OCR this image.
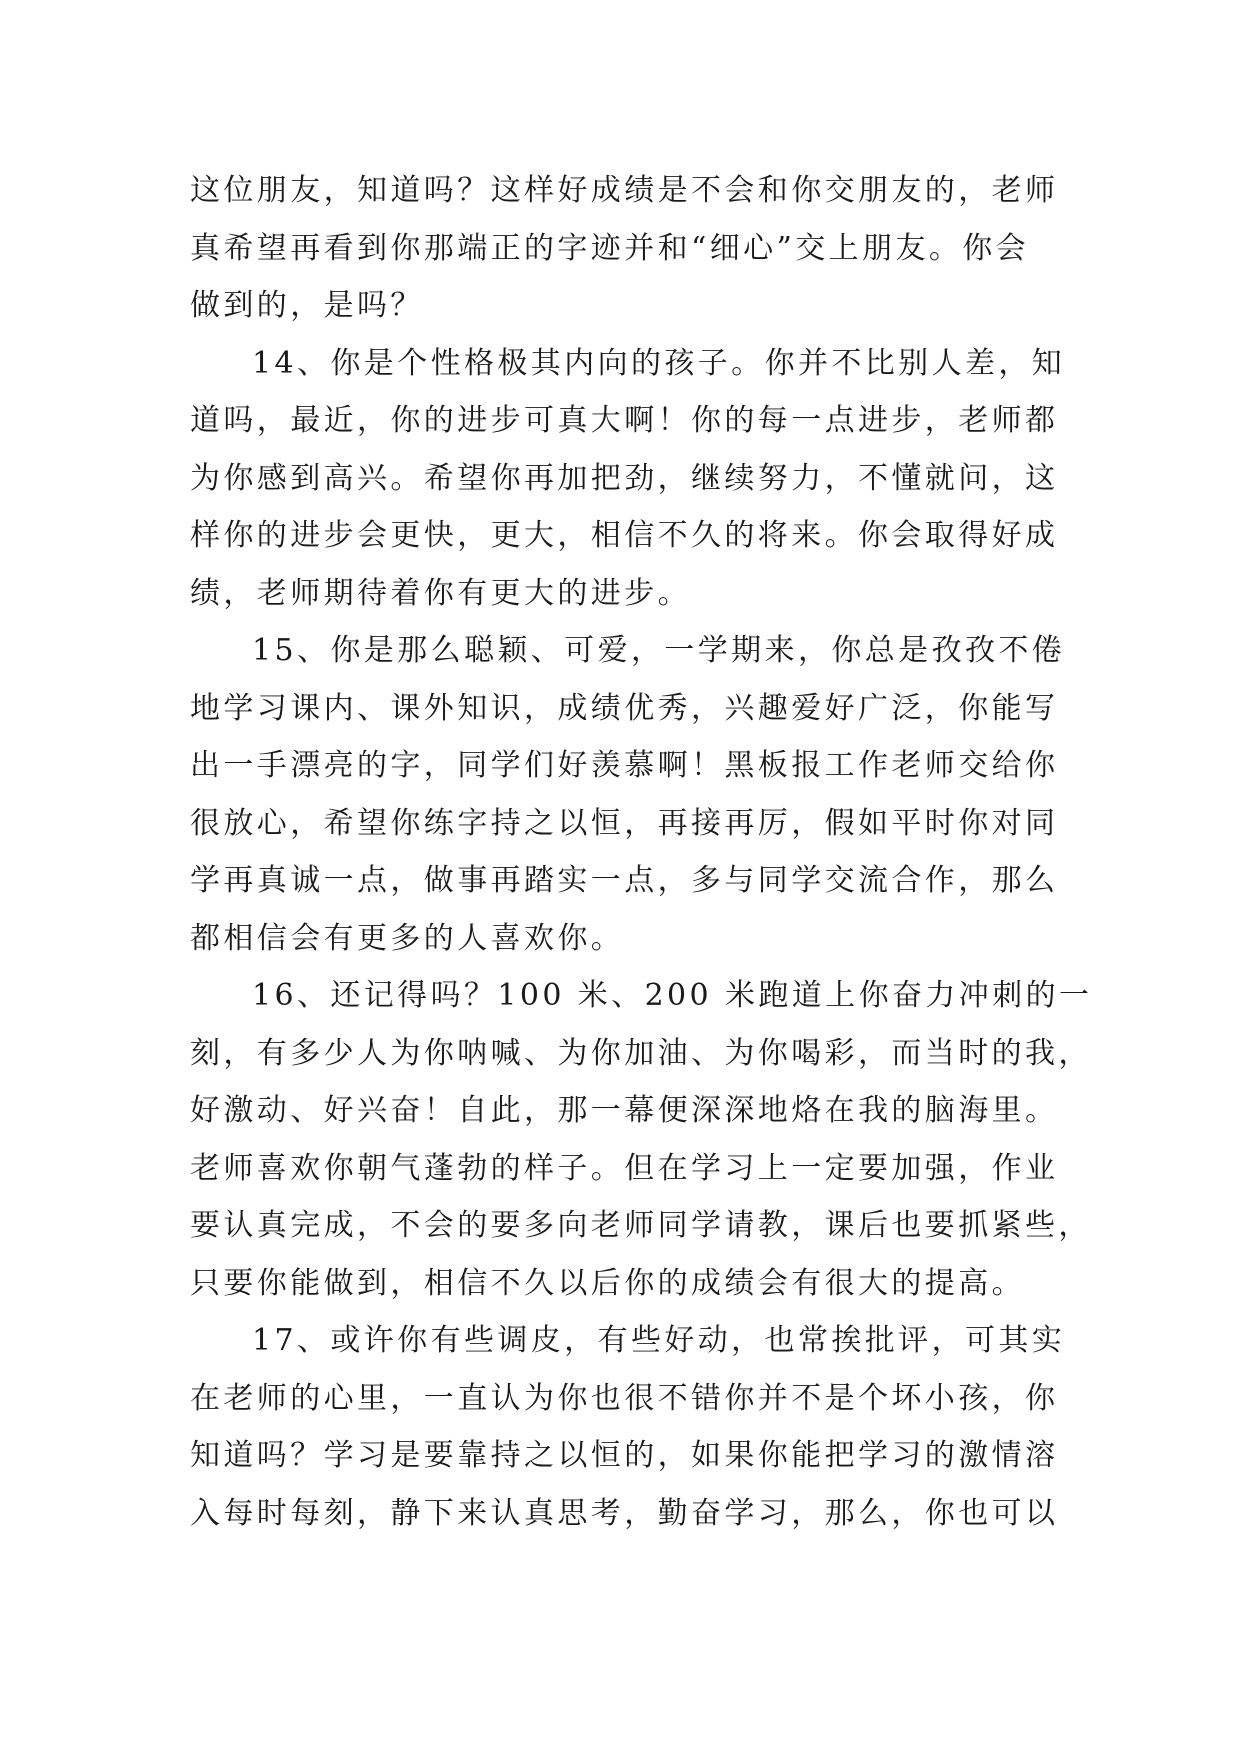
这位朋友，知道吗？这样好成绩是不会和你交朋友的，老师
真希望再看到你那端正的字迹并和“细心”交上朋友。你会
做到的，是吗？
14、你是个性格极其内向的孩子。你并不比别人差，知
道吗，最近，你的进步可真大啊！你的每一点进步，老师都
为你感到高兴。希望你再加把劲，继续努力，不懂就问，这
样你的进步会更快，更大，相信不久的将来。你会取得好成
绩，老师期待着你有更大的进步。
15、你是那么聪颖、可爱，一学期来，你总是孜孜不倦
地学习课内、课外知识，成绩优秀，兴趣爱好广泛，你能写
出一手漂亮的字，同学们好羡慕啊！黑板报工作老师交给你
很放心，希望你练字持之以恒，再接再厉，假如平时你对同
学再真诚一点，做事再踏实一点，多与同学交流合作，那么
都相信会有更多的人喜欢你。
16、还记得吗？100 米、200 米跑道上你奋力冲刺的一
刻，有多少人为你呐喊、为你加油、为你喝彩，而当时的我，
好激动、好兴奋！自此，那一幕便深深地烙在我的脑海里。
老师喜欢你朝气蓬勃的样子。但在学习上一定要加强，作业
要认真完成，不会的要多向老师同学请教，课后也要抓紧些，
只要你能做到，相信不久以后你的成绩会有很大的提高。
17、或许你有些调皮，有些好动，也常挨批评，可其实
在老师的心里，一直认为你也很不错你并不是个坏小孩，你
知道吗？学习是要靠持之以恒的，如果你能把学习的激情溶
入每时每刻，静下来认真思考，勤奋学习，那么，你也可以
